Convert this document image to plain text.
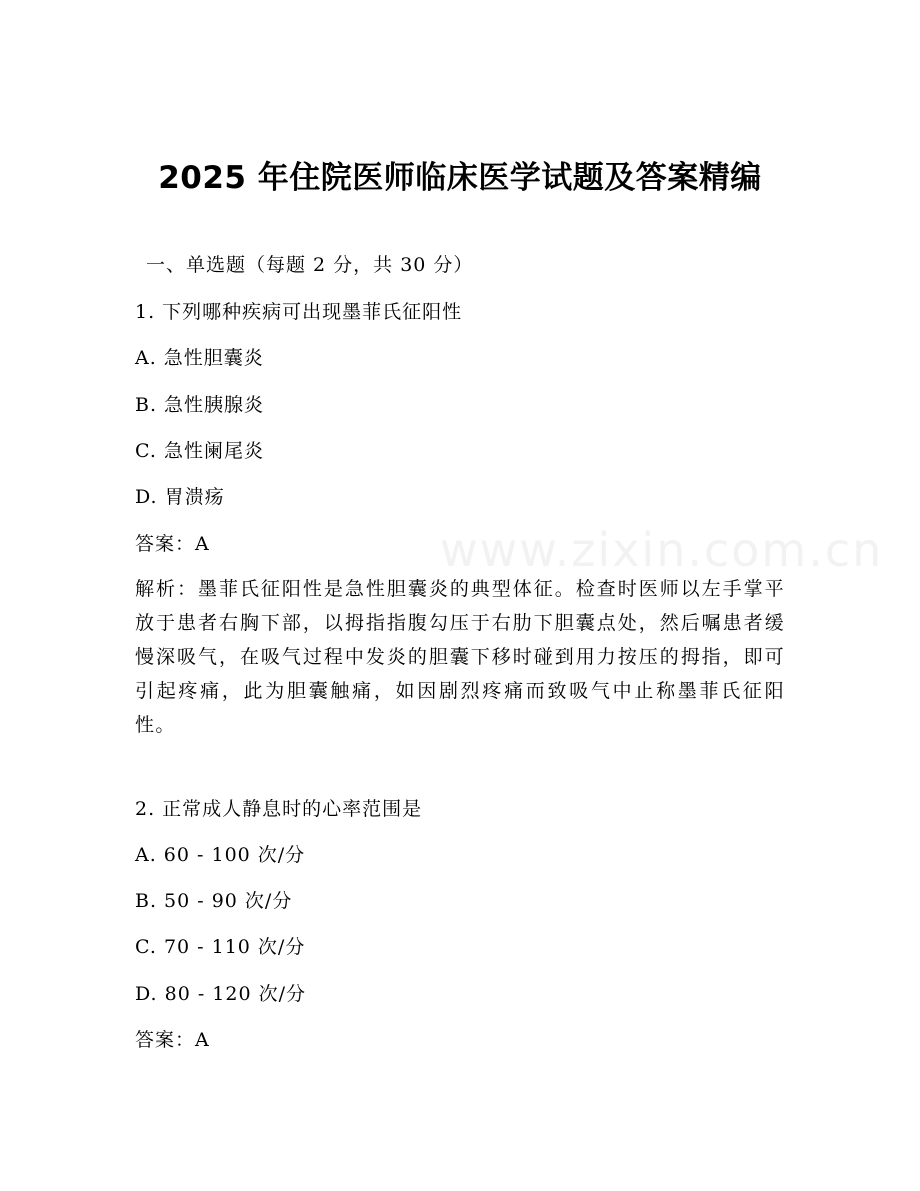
www.zixin.com.cn
2025 年住院医师临床医学试题及答案精编
一、单选题（每题 2 分，共 30 分）
1. 下列哪种疾病可出现墨菲氏征阳性
A. 急性胆囊炎
B. 急性胰腺炎
C. 急性阑尾炎
D. 胃溃疡
答案：A
解析：墨菲氏征阳性是急性胆囊炎的典型体征。检查时医师以左手掌平放于患者右胸下部，以拇指指腹勾压于右肋下胆囊点处，然后嘱患者缓慢深吸气，在吸气过程中发炎的胆囊下移时碰到用力按压的拇指，即可引起疼痛，此为胆囊触痛，如因剧烈疼痛而致吸气中止称墨菲氏征阳性。
2. 正常成人静息时的心率范围是
A. 60 - 100 次/分
B. 50 - 90 次/分
C. 70 - 110 次/分
D. 80 - 120 次/分
答案：A
